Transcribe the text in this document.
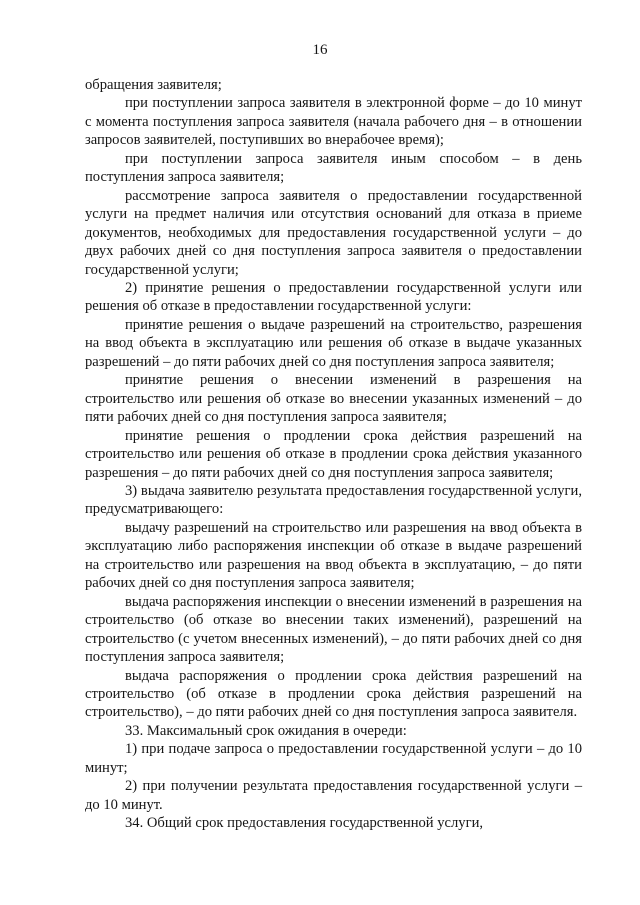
16

обращения заявителя;

при поступлении запроса заявителя в электронной форме – до 10 минут с момента поступления запроса заявителя (начала рабочего дня – в отношении запросов заявителей, поступивших во внерабочее время);

при поступлении запроса заявителя иным способом – в день поступления запроса заявителя;

рассмотрение запроса заявителя о предоставлении государственной услуги на предмет наличия или отсутствия оснований для отказа в приеме документов, необходимых для предоставления государственной услуги – до двух рабочих дней со дня поступления запроса заявителя о предоставлении государственной услуги;

2) принятие решения о предоставлении государственной услуги или решения об отказе в предоставлении государственной услуги:

принятие решения о выдаче разрешений на строительство, разрешения на ввод объекта в эксплуатацию или решения об отказе в выдаче указанных разрешений – до пяти рабочих дней со дня поступления запроса заявителя;

принятие решения о внесении изменений в разрешения на строительство или решения об отказе во внесении указанных изменений – до пяти рабочих дней со дня поступления запроса заявителя;

принятие решения о продлении срока действия разрешений на строительство или решения об отказе в продлении срока действия указанного разрешения – до пяти рабочих дней со дня поступления запроса заявителя;

3) выдача заявителю результата предоставления государственной услуги, предусматривающего:

выдачу разрешений на строительство или разрешения на ввод объекта в эксплуатацию либо распоряжения инспекции об отказе в выдаче разрешений на строительство или разрешения на ввод объекта в эксплуатацию, – до пяти рабочих дней со дня поступления запроса заявителя;

выдача распоряжения инспекции о внесении изменений в разрешения на строительство (об отказе во внесении таких изменений), разрешений на строительство (с учетом внесенных изменений), – до пяти рабочих дней со дня поступления запроса заявителя;

выдача распоряжения о продлении срока действия разрешений на строительство (об отказе в продлении срока действия разрешений на строительство), – до пяти рабочих дней со дня поступления запроса заявителя.

33. Максимальный срок ожидания в очереди:

1) при подаче запроса о предоставлении государственной услуги – до 10 минут;

2) при получении результата предоставления государственной услуги – до 10 минут.

34. Общий срок предоставления государственной услуги,
